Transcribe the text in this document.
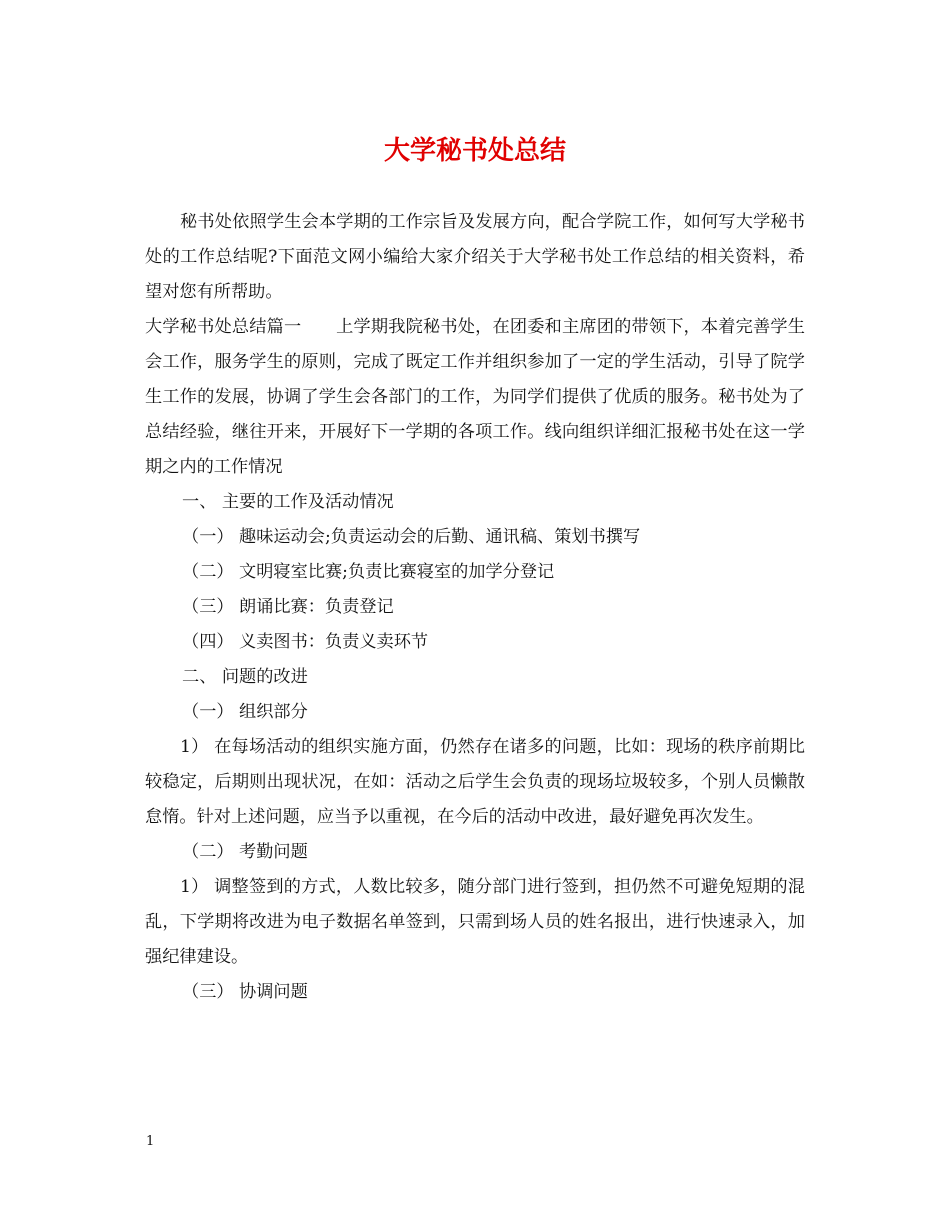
大学秘书处总结

秘书处依照学生会本学期的工作宗旨及发展方向，配合学院工作，如何写大学秘书处的工作总结呢?下面范文网小编给大家介绍关于大学秘书处工作总结的相关资料，希望对您有所帮助。

大学秘书处总结篇一　　上学期我院秘书处，在团委和主席团的带领下，本着完善学生会工作，服务学生的原则，完成了既定工作并组织参加了一定的学生活动，引导了院学生工作的发展，协调了学生会各部门的工作，为同学们提供了优质的服务。秘书处为了总结经验，继往开来，开展好下一学期的各项工作。线向组织详细汇报秘书处在这一学期之内的工作情况

一、 主要的工作及活动情况

（一） 趣味运动会;负责运动会的后勤、通讯稿、策划书撰写

（二） 文明寝室比赛;负责比赛寝室的加学分登记

（三） 朗诵比赛：负责登记

（四） 义卖图书：负责义卖环节

二、 问题的改进

（一） 组织部分

1） 在每场活动的组织实施方面，仍然存在诸多的问题，比如：现场的秩序前期比较稳定，后期则出现状况，在如：活动之后学生会负责的现场垃圾较多，个别人员懒散怠惰。针对上述问题，应当予以重视，在今后的活动中改进，最好避免再次发生。

（二） 考勤问题

1） 调整签到的方式，人数比较多，随分部门进行签到，担仍然不可避免短期的混乱，下学期将改进为电子数据名单签到，只需到场人员的姓名报出，进行快速录入，加强纪律建设。

（三） 协调问题

1
